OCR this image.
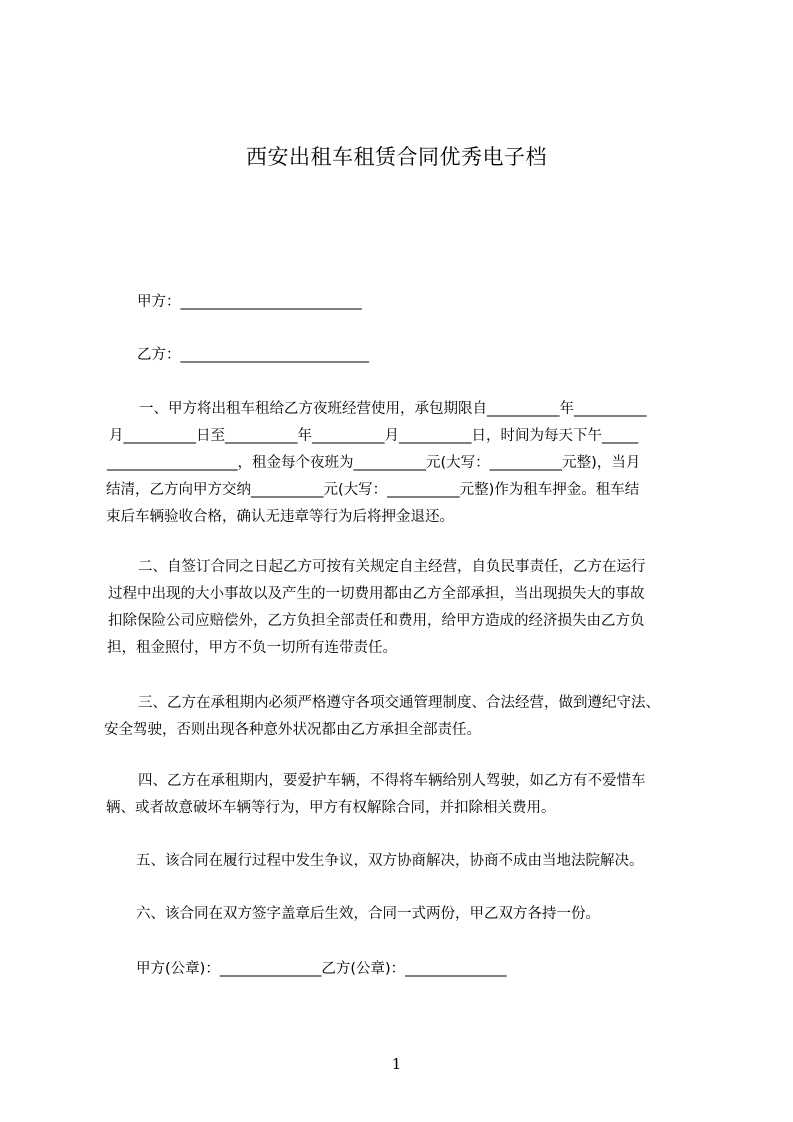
西安出租车租赁合同优秀电子档
甲方：_________________________
乙方：__________________________
一、甲方将出租车租给乙方夜班经营使用，承包期限自__________年__________
月__________日至__________年__________月__________日，时间为每天下午_____
__________________，租金每个夜班为__________元(大写：__________元整)，当月
结清，乙方向甲方交纳__________元(大写：__________元整)作为租车押金。租车结
束后车辆验收合格，确认无违章等行为后将押金退还。
二、自签订合同之日起乙方可按有关规定自主经营，自负民事责任，乙方在运行
过程中出现的大小事故以及产生的一切费用都由乙方全部承担，当出现损失大的事故
扣除保险公司应赔偿外，乙方负担全部责任和费用，给甲方造成的经济损失由乙方负
担，租金照付，甲方不负一切所有连带责任。
三、乙方在承租期内必须严格遵守各项交通管理制度、合法经营，做到遵纪守法、
安全驾驶，否则出现各种意外状况都由乙方承担全部责任。
四、乙方在承租期内，要爱护车辆，不得将车辆给别人驾驶，如乙方有不爱惜车
辆、或者故意破坏车辆等行为，甲方有权解除合同，并扣除相关费用。
五、该合同在履行过程中发生争议，双方协商解决，协商不成由当地法院解决。
六、该合同在双方签字盖章后生效，合同一式两份，甲乙双方各持一份。
甲方(公章)：______________乙方(公章)：______________
1
